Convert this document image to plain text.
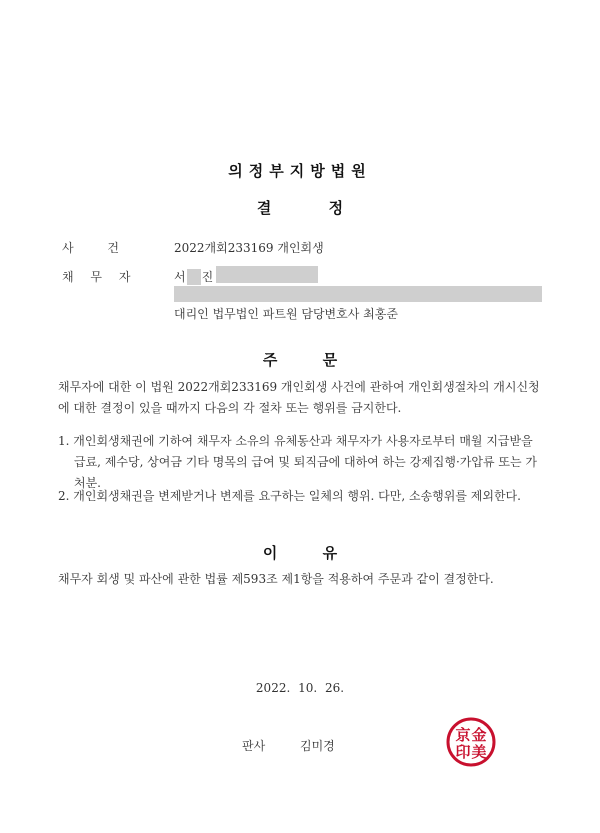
의정부지방법원
결 정
사 건	2022개회233169 개인회생
채 무 자	서 진
대리인 법무법인 파트원 담당변호사 최홍준
주 문

채무자에 대한 이 법원 2022개회233169 개인회생 사건에 관하여 개인회생절차의 개시신청에 대한 결정이 있을 때까지 다음의 각 절차 또는 행위를 금지한다.

1. 개인회생채권에 기하여 채무자 소유의 유체동산과 채무자가 사용자로부터 매월 지급받을 급료, 제수당, 상여금 기타 명목의 급여 및 퇴직금에 대하여 하는 강제집행·가압류 또는 가처분.
2. 개인회생채권을 변제받거나 변제를 요구하는 일체의 행위. 다만, 소송행위를 제외한다.
이 유

채무자 회생 및 파산에 관한 법률 제593조 제1항을 적용하여 주문과 같이 결정한다.

2022. 10. 26.
판사	김미경
金
京
美
印
